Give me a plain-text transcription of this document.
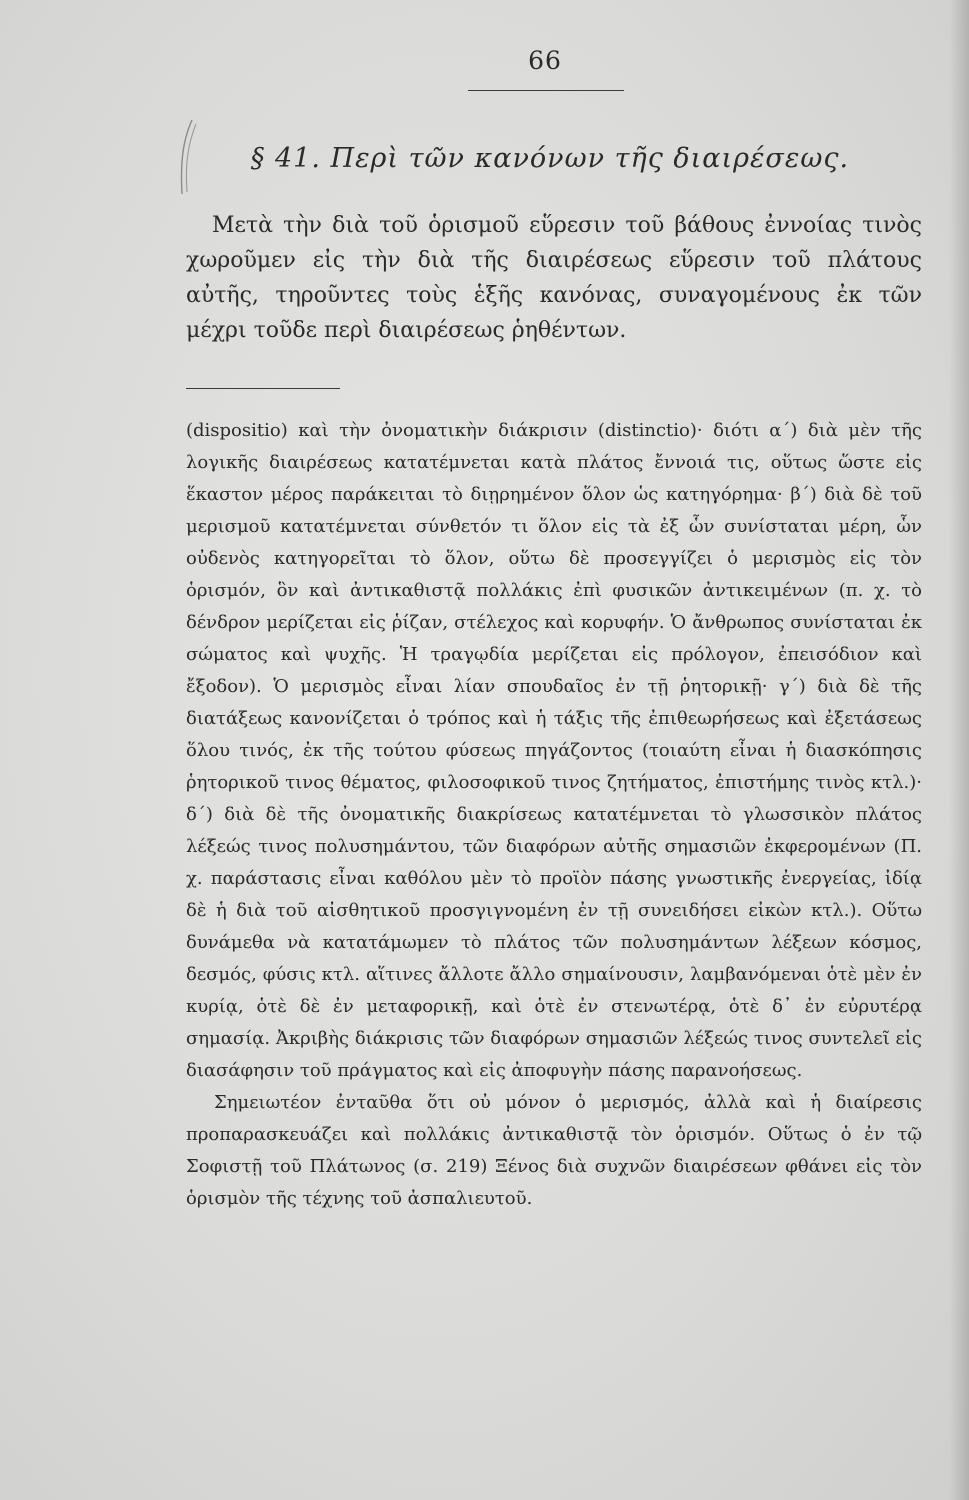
66
§ 41. Περὶ τῶν κανόνων τῆς διαιρέσεως.

Μετὰ τὴν διὰ τοῦ ὁρισμοῦ εὕρεσιν τοῦ βάθους ἐννοίας τινὸς χωροῦμεν εἰς τὴν διὰ τῆς διαιρέσεως εὕρεσιν τοῦ πλάτους αὐτῆς, τηροῦντες τοὺς ἑξῆς κανόνας, συναγομένους ἐκ τῶν μέχρι τοῦδε περὶ διαιρέσεως ῥηθέντων.

(dispositio) καὶ τὴν ὀνοματικὴν διάκρισιν (distinctio)· διότι α΄) διὰ μὲν τῆς λογικῆς διαιρέσεως κατατέμνεται κατὰ πλάτος ἔννοιά τις, οὕτως ὥστε εἰς ἕκαστον μέρος παράκειται τὸ διῃρημένον ὅλον ὡς κατηγόρημα· β΄) διὰ δὲ τοῦ μερισμοῦ κατατέμνεται σύνθετόν τι ὅλον εἰς τὰ ἐξ ὧν συνίσταται μέρη, ὧν οὐδενὸς κατηγορεῖται τὸ ὅλον, οὕτω δὲ προσεγγίζει ὁ μερισμὸς εἰς τὸν ὁρισμόν, ὃν καὶ ἀντικαθιστᾷ πολλάκις ἐπὶ φυσικῶν ἀντικειμένων (π. χ. τὸ δένδρον μερίζεται εἰς ῥίζαν, στέλεχος καὶ κορυφήν. Ὁ ἄνθρωπος συνίσταται ἐκ σώματος καὶ ψυχῆς. Ἡ τραγῳδία μερίζεται εἰς πρόλογον, ἐπεισόδιον καὶ ἔξοδον). Ὁ μερισμὸς εἶναι λίαν σπουδαῖος ἐν τῇ ῥητορικῇ· γ΄) διὰ δὲ τῆς διατάξεως κανονίζεται ὁ τρόπος καὶ ἡ τάξις τῆς ἐπιθεωρήσεως καὶ ἐξετάσεως ὅλου τινός, ἐκ τῆς τούτου φύσεως πηγάζοντος (τοιαύτη εἶναι ἡ διασκόπησις ῥητορικοῦ τινος θέματος, φιλοσοφικοῦ τινος ζητήματος, ἐπιστήμης τινὸς κτλ.)· δ΄) διὰ δὲ τῆς ὀνοματικῆς διακρίσεως κατατέμνεται τὸ γλωσσικὸν πλάτος λέξεώς τινος πολυσημάντου, τῶν διαφόρων αὐτῆς σημασιῶν ἐκφερομένων (Π. χ. παράστασις εἶναι καθόλου μὲν τὸ προϊὸν πάσης γνωστικῆς ἐνεργείας, ἰδίᾳ δὲ ἡ διὰ τοῦ αἰσθητικοῦ προσγιγνομένη ἐν τῇ συνειδήσει εἰκὼν κτλ.). Οὕτω δυνάμεθα νὰ κατατάμωμεν τὸ πλάτος τῶν πολυσημάντων λέξεων κόσμος, δεσμός, φύσις κτλ. αἵτινες ἄλλοτε ἄλλο σημαίνουσιν, λαμβανόμεναι ὁτὲ μὲν ἐν κυρίᾳ, ὁτὲ δὲ ἐν μεταφορικῇ, καὶ ὁτὲ ἐν στενωτέρᾳ, ὁτὲ δ᾽ ἐν εὐρυτέρᾳ σημασίᾳ. Ἀκριβὴς διάκρισις τῶν διαφόρων σημασιῶν λέξεώς τινος συντελεῖ εἰς διασάφησιν τοῦ πράγματος καὶ εἰς ἀποφυγὴν πάσης παρανοήσεως.

Σημειωτέον ἐνταῦθα ὅτι οὐ μόνον ὁ μερισμός, ἀλλὰ καὶ ἡ διαίρεσις προπαρασκευάζει καὶ πολλάκις ἀντικαθιστᾷ τὸν ὁρισμόν. Οὕτως ὁ ἐν τῷ Σοφιστῇ τοῦ Πλάτωνος (σ. 219) Ξένος διὰ συχνῶν διαιρέσεων φθάνει εἰς τὸν ὁρισμὸν τῆς τέχνης τοῦ ἀσπαλιευτοῦ.
